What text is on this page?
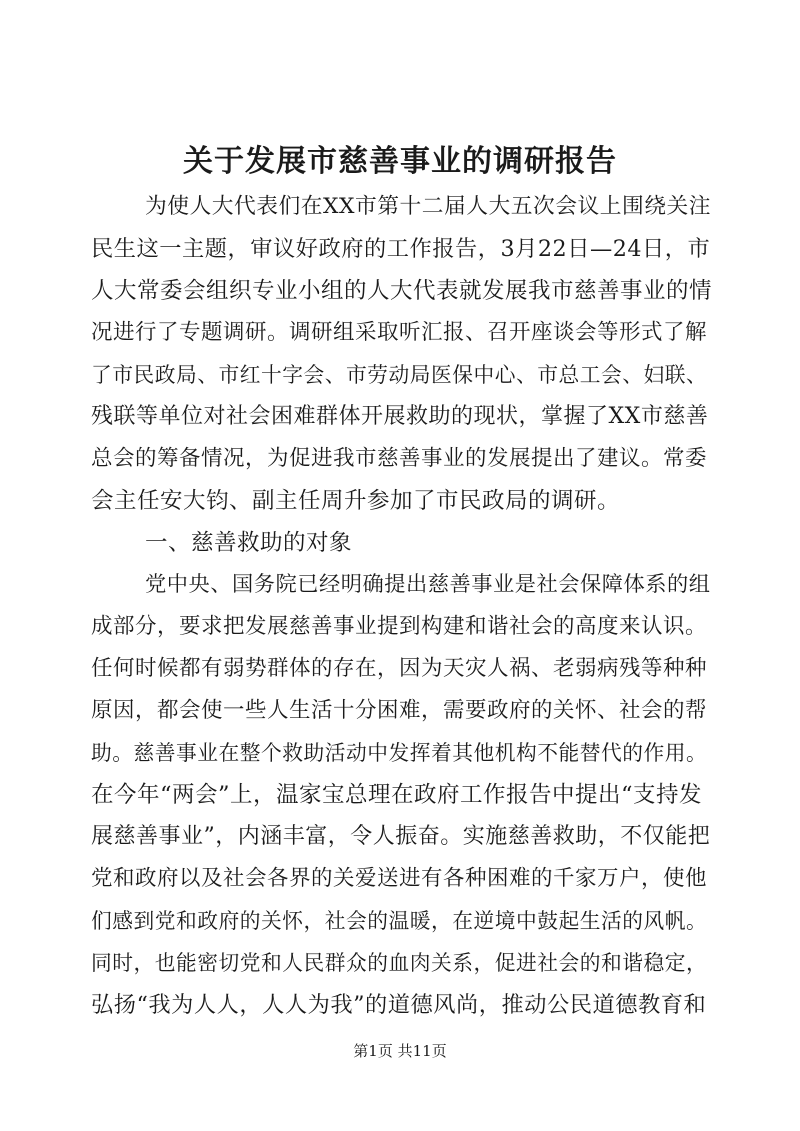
关于发展市慈善事业的调研报告
为使人大代表们在XX市第十二届人大五次会议上围绕关注
民生这一主题，审议好政府的工作报告，3月22日—24日，市
人大常委会组织专业小组的人大代表就发展我市慈善事业的情
况进行了专题调研。调研组采取听汇报、召开座谈会等形式了解
了市民政局、市红十字会、市劳动局医保中心、市总工会、妇联、
残联等单位对社会困难群体开展救助的现状，掌握了XX市慈善
总会的筹备情况，为促进我市慈善事业的发展提出了建议。常委
会主任安大钧、副主任周升参加了市民政局的调研。
一、慈善救助的对象
党中央、国务院已经明确提出慈善事业是社会保障体系的组
成部分，要求把发展慈善事业提到构建和谐社会的高度来认识。
任何时候都有弱势群体的存在，因为天灾人祸、老弱病残等种种
原因，都会使一些人生活十分困难，需要政府的关怀、社会的帮
助。慈善事业在整个救助活动中发挥着其他机构不能替代的作用。
在今年“两会”上，温家宝总理在政府工作报告中提出“支持发
展慈善事业”，内涵丰富，令人振奋。实施慈善救助，不仅能把
党和政府以及社会各界的关爱送进有各种困难的千家万户，使他
们感到党和政府的关怀，社会的温暖，在逆境中鼓起生活的风帆。
同时，也能密切党和人民群众的血肉关系，促进社会的和谐稳定，
弘扬“我为人人，人人为我”的道德风尚，推动公民道德教育和
第1页 共11页
